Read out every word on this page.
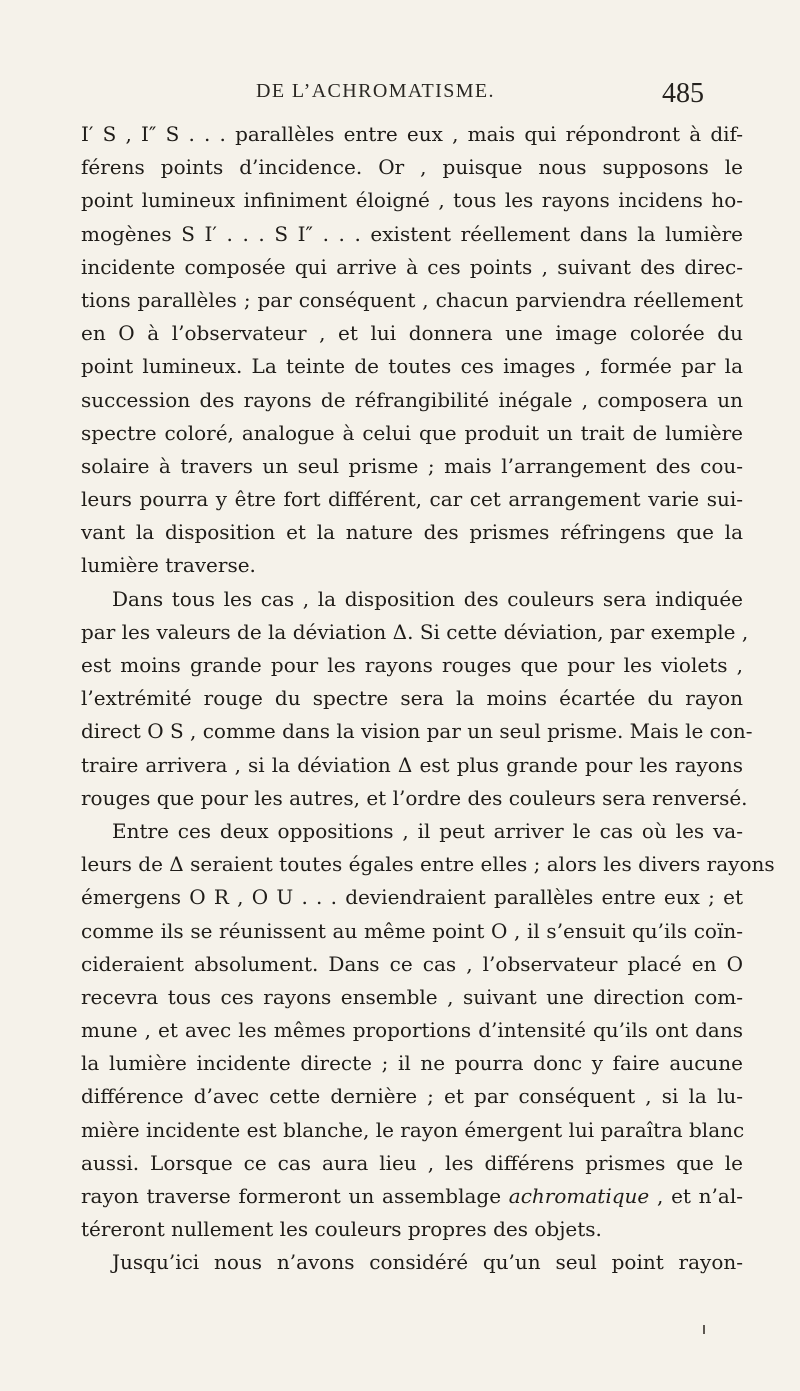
DE L’ACHROMATISME.	485
I′ S , I″ S . . . parallèles entre eux , mais qui répondront à dif-
férens points d’incidence. Or , puisque nous supposons le
point lumineux infiniment éloigné , tous les rayons incidens ho-
mogènes S I′ . . . S I″ . . . existent réellement dans la lumière
incidente composée qui arrive à ces points , suivant des direc-
tions parallèles ; par conséquent , chacun parviendra réellement
en O à l’observateur , et lui donnera une image colorée du
point lumineux. La teinte de toutes ces images , formée par la
succession des rayons de réfrangibilité inégale , composera un
spectre coloré, analogue à celui que produit un trait de lumière
solaire à travers un seul prisme ; mais l’arrangement des cou-
leurs pourra y être fort différent, car cet arrangement varie sui-
vant la disposition et la nature des prismes réfringens que la
lumière traverse.
Dans tous les cas , la disposition des couleurs sera indiquée
par les valeurs de la déviation Δ. Si cette déviation, par exemple ,
est moins grande pour les rayons rouges que pour les violets ,
l’extrémité rouge du spectre sera la moins écartée du rayon
direct O S , comme dans la vision par un seul prisme. Mais le con-
traire arrivera , si la déviation Δ est plus grande pour les rayons
rouges que pour les autres, et l’ordre des couleurs sera renversé.
Entre ces deux oppositions , il peut arriver le cas où les va-
leurs de Δ seraient toutes égales entre elles ; alors les divers rayons
émergens O R , O U . . . deviendraient parallèles entre eux ; et
comme ils se réunissent au même point O , il s’ensuit qu’ils coïn-
cideraient absolument. Dans ce cas , l’observateur placé en O
recevra tous ces rayons ensemble , suivant une direction com-
mune , et avec les mêmes proportions d’intensité qu’ils ont dans
la lumière incidente directe ; il ne pourra donc y faire aucune
différence d’avec cette dernière ; et par conséquent , si la lu-
mière incidente est blanche, le rayon émergent lui paraîtra blanc
aussi. Lorsque ce cas aura lieu , les différens prismes que le
rayon traverse formeront un assemblage achromatique , et n’al-
téreront nullement les couleurs propres des objets.
Jusqu’ici nous n’avons considéré qu’un seul point rayon-
